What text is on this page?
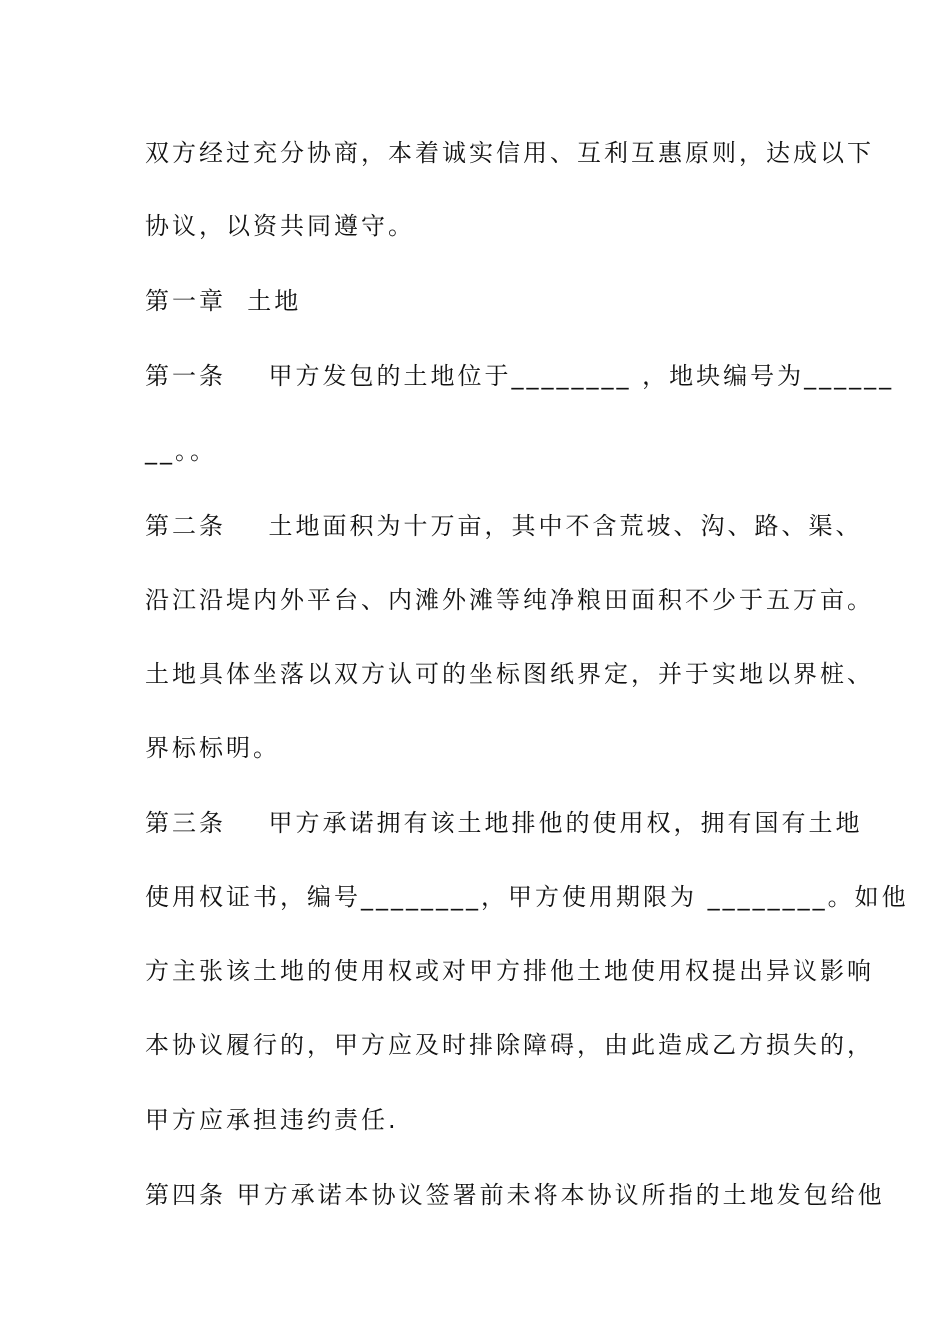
双方经过充分协商，本着诚实信用、互利互惠原则，达成以下

协议，以资共同遵守。

第一章  土地

第一条    甲方发包的土地位于________ ，地块编号为______

__。。

第二条    土地面积为十万亩，其中不含荒坡、沟、路、渠、

沿江沿堤内外平台、内滩外滩等纯净粮田面积不少于五万亩。

土地具体坐落以双方认可的坐标图纸界定，并于实地以界桩、

界标标明。

第三条    甲方承诺拥有该土地排他的使用权，拥有国有土地

使用权证书，编号________，甲方使用期限为 ________。如他

方主张该土地的使用权或对甲方排他土地使用权提出异议影响

本协议履行的，甲方应及时排除障碍，由此造成乙方损失的，

甲方应承担违约责任.

第四条 甲方承诺本协议签署前未将本协议所指的土地发包给他
